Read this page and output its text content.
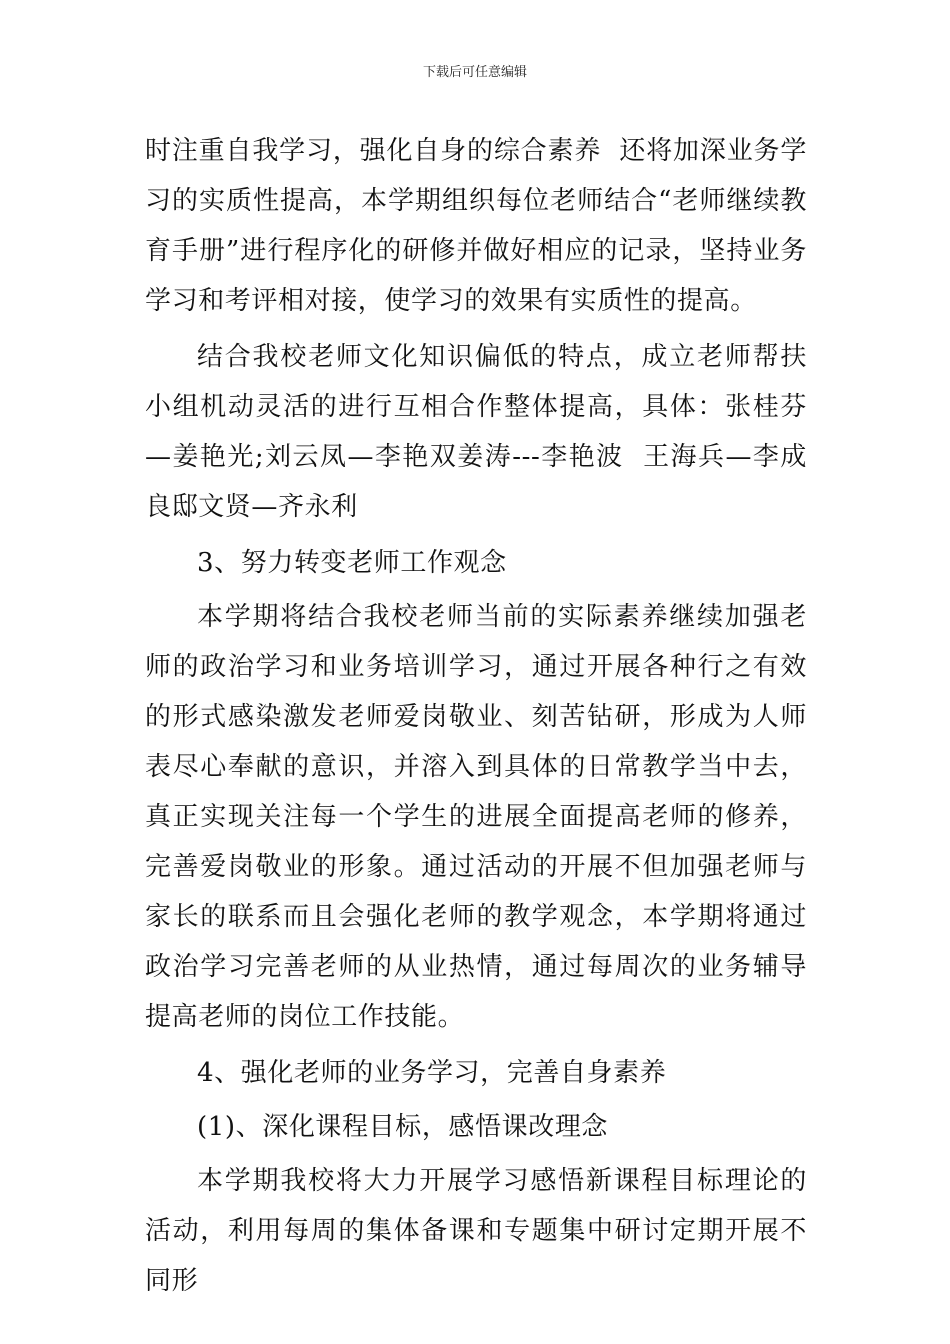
下载后可任意编辑

时注重自我学习，强化自身的综合素养  还将加深业务学习的实质性提高，本学期组织每位老师结合“老师继续教育手册”进行程序化的研修并做好相应的记录，坚持业务学习和考评相对接，使学习的效果有实质性的提高。

结合我校老师文化知识偏低的特点，成立老师帮扶小组机动灵活的进行互相合作整体提高，具体：张桂芬—姜艳光;刘云凤—李艳双姜涛---李艳波  王海兵—李成良邸文贤—齐永利

3、努力转变老师工作观念

本学期将结合我校老师当前的实际素养继续加强老师的政治学习和业务培训学习，通过开展各种行之有效的形式感染激发老师爱岗敬业、刻苦钻研，形成为人师表尽心奉献的意识，并溶入到具体的日常教学当中去，真正实现关注每一个学生的进展全面提高老师的修养，完善爱岗敬业的形象。通过活动的开展不但加强老师与家长的联系而且会强化老师的教学观念，本学期将通过政治学习完善老师的从业热情，通过每周次的业务辅导提高老师的岗位工作技能。

4、强化老师的业务学习，完善自身素养

(1)、深化课程目标，感悟课改理念

本学期我校将大力开展学习感悟新课程目标理论的活动，利用每周的集体备课和专题集中研讨定期开展不同形
